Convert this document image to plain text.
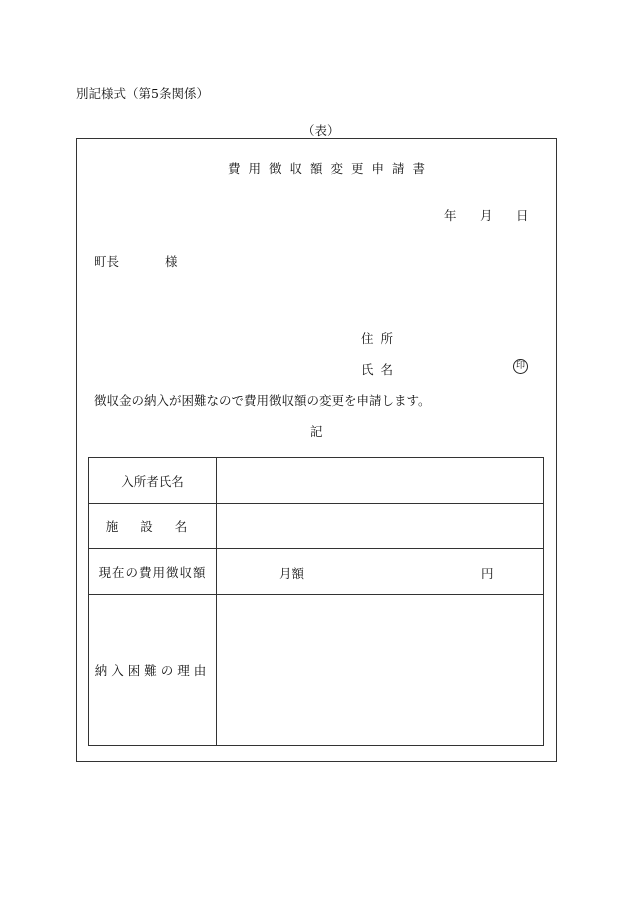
別記様式（第5条関係）
（表）
費用徴収額変更申請書
年 月 日
町長	様
住所
氏名	印
徴収金の納入が困難なので費用徴収額の変更を申請します。
記
入所者氏名	
施設名	
現在の費用徴収額	月額 円

納入困難の理由	
